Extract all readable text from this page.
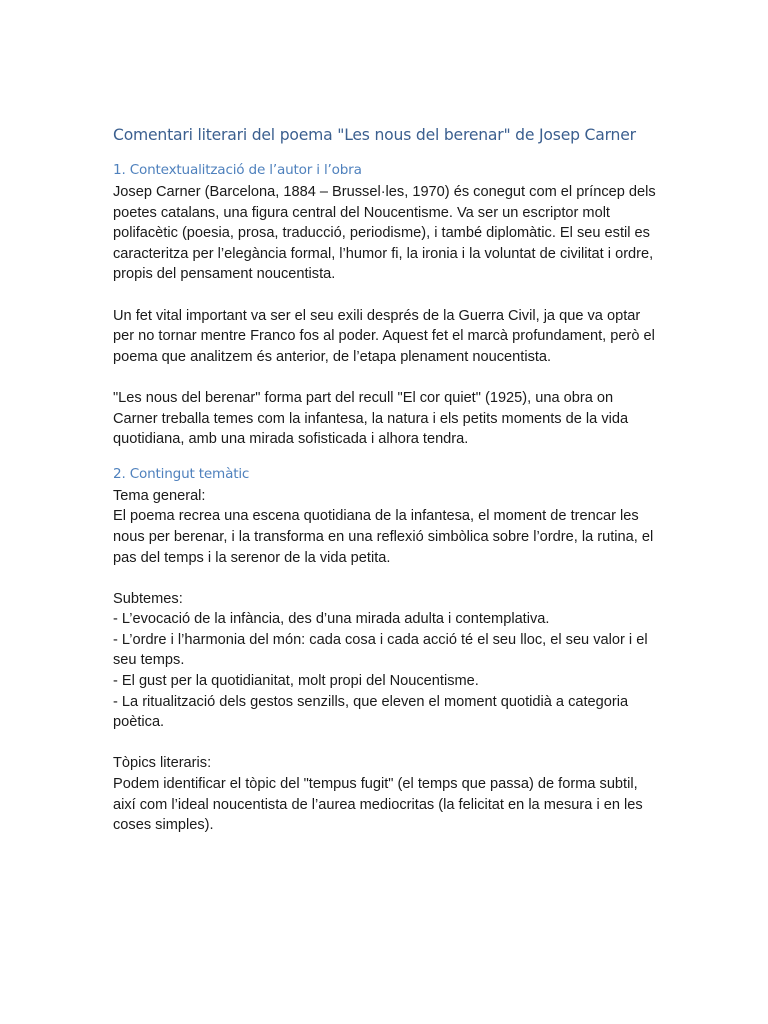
Comentari literari del poema "Les nous del berenar" de Josep Carner
1. Contextualització de l’autor i l’obra

Josep Carner (Barcelona, 1884 – Brussel·les, 1970) és conegut com el príncep dels poetes catalans, una figura central del Noucentisme. Va ser un escriptor molt polifacètic (poesia, prosa, traducció, periodisme), i també diplomàtic. El seu estil es caracteritza per l’elegància formal, l’humor fi, la ironia i la voluntat de civilitat i ordre, propis del pensament noucentista.

Un fet vital important va ser el seu exili després de la Guerra Civil, ja que va optar per no tornar mentre Franco fos al poder. Aquest fet el marcà profundament, però el poema que analitzem és anterior, de l’etapa plenament noucentista.

"Les nous del berenar" forma part del recull "El cor quiet" (1925), una obra on Carner treballa temes com la infantesa, la natura i els petits moments de la vida quotidiana, amb una mirada sofisticada i alhora tendra.

2. Contingut temàtic

Tema general:

El poema recrea una escena quotidiana de la infantesa, el moment de trencar les nous per berenar, i la transforma en una reflexió simbòlica sobre l’ordre, la rutina, el pas del temps i la serenor de la vida petita.

Subtemes:

- L’evocació de la infància, des d’una mirada adulta i contemplativa.

- L’ordre i l’harmonia del món: cada cosa i cada acció té el seu lloc, el seu valor i el seu temps.

- El gust per la quotidianitat, molt propi del Noucentisme.

- La ritualització dels gestos senzills, que eleven el moment quotidià a categoria poètica.

Tòpics literaris:

Podem identificar el tòpic del "tempus fugit" (el temps que passa) de forma subtil, així com l’ideal noucentista de l’aurea mediocritas (la felicitat en la mesura i en les coses simples).
